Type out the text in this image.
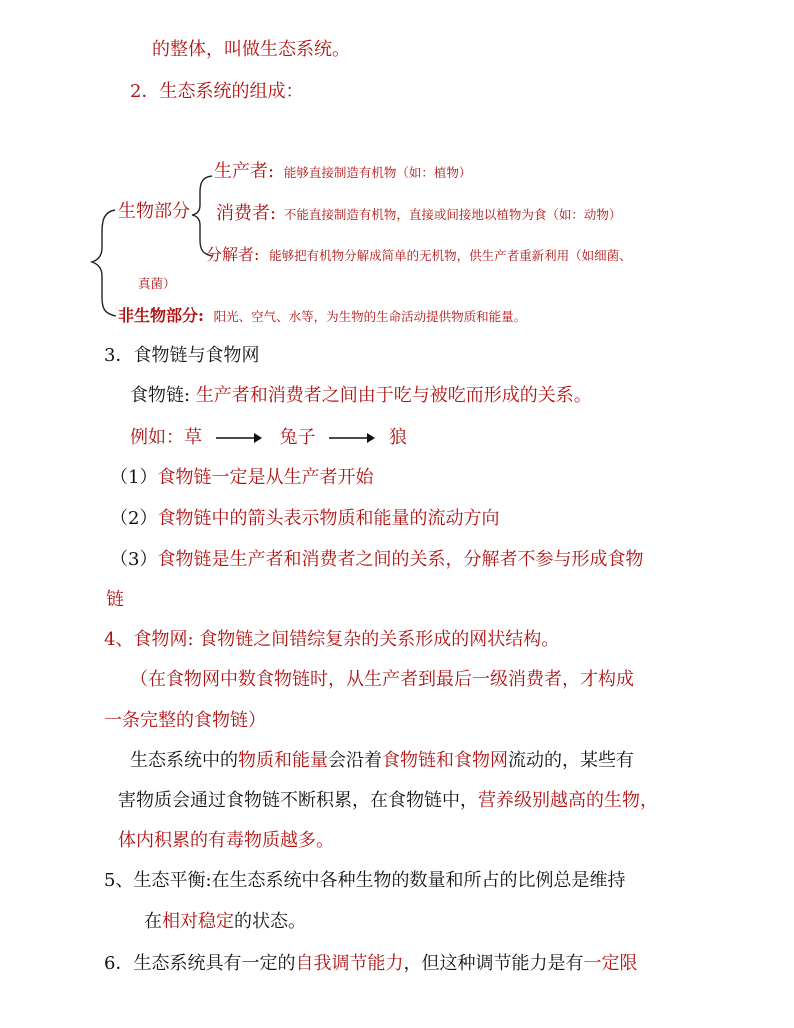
的整体，叫做生态系统。
2．生态系统的组成：
生产者: 能够直接制造有机物（如：植物）
生物部分 消费者: 不能直接制造有机物，直接或间接地以植物为食（如：动物）
分解者: 能够把有机物分解成简单的无机物，供生产者重新利用（如细菌、
真菌）
非生物部分: 阳光、空气、水等，为生物的生命活动提供物质和能量。
3．食物链与食物网
食物链: 生产者和消费者之间由于吃与被吃而形成的关系。
例如：草	兔子	狼
（1）食物链一定是从生产者开始
（2）食物链中的箭头表示物质和能量的流动方向
（3）食物链是生产者和消费者之间的关系，分解者不参与形成食物
链
4、食物网: 食物链之间错综复杂的关系形成的网状结构。
（在食物网中数食物链时，从生产者到最后一级消费者，才构成
一条完整的食物链）
生态系统中的物质和能量会沿着食物链和食物网流动的，某些有
害物质会通过食物链不断积累，在食物链中，营养级别越高的生物，
体内积累的有毒物质越多。
5、生态平衡:在生态系统中各种生物的数量和所占的比例总是维持
在相对稳定的状态。
6．生态系统具有一定的自我调节能力，但这种调节能力是有一定限
